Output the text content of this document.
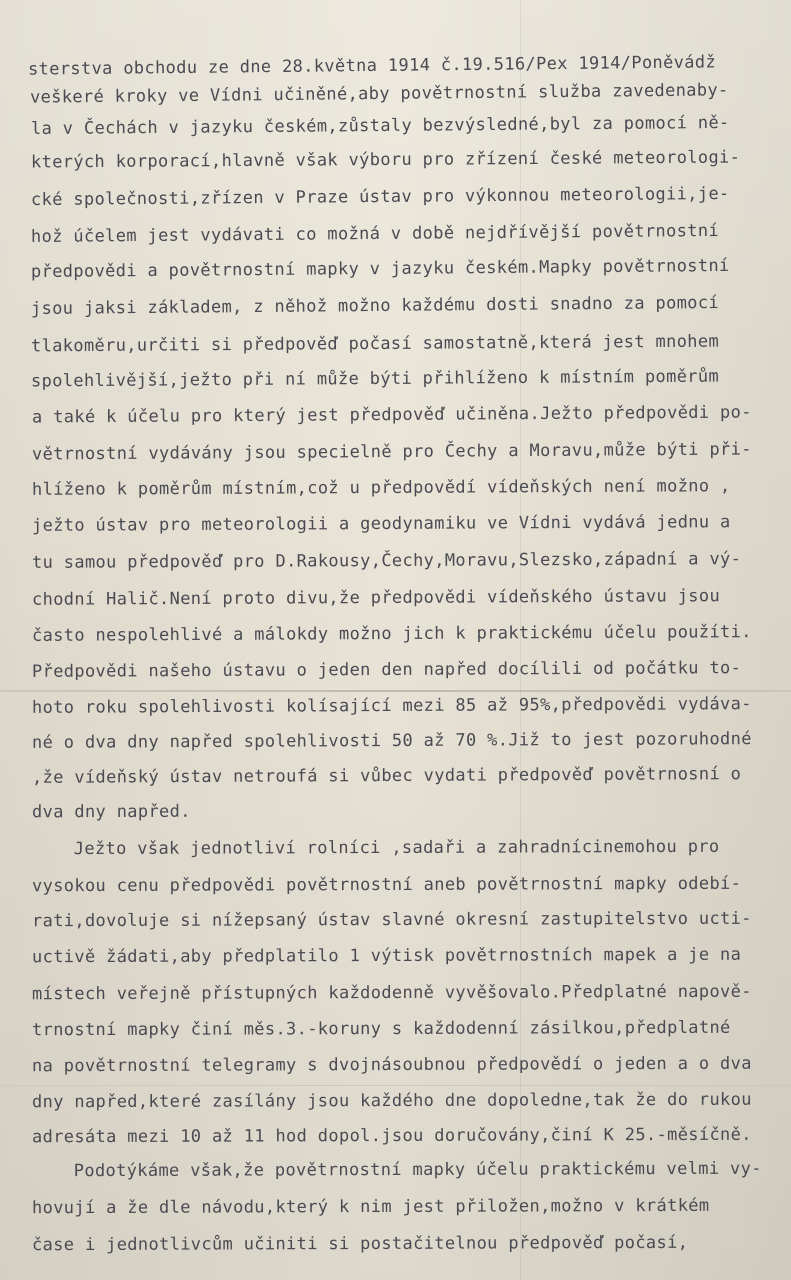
sterstva obchodu ze dne 28.května 1914 č.19.516/Pex 1914/Poněvádž
veškeré kroky ve Vídni učiněné,aby povětrnostní služba zavedenaby-
la v Čechách v jazyku českém,zůstaly bezvýsledné,byl za pomocí ně-
kterých korporací,hlavně však výboru pro zřízení české meteorologi-
cké společnosti,zřízen v Praze ústav pro výkonnou meteorologii,je-
hož účelem jest vydávati co možná v době nejdřívější povětrnostní
předpovědi a povětrnostní mapky v jazyku českém.Mapky povětrnostní
jsou jaksi základem, z něhož možno každému dosti snadno za pomocí
tlakoměru,určiti si předpověď počasí samostatně,která jest mnohem
spolehlivější,ježto při ní může býti přihlíženo k místním poměrům
a také k účelu pro který jest předpověď učiněna.Ježto předpovědi po-
větrnostní vydávány jsou specielně pro Čechy a Moravu,může býti při-
hlíženo k poměrům místním,což u předpovědí vídeňských není možno ,
ježto ústav pro meteorologii a geodynamiku ve Vídni vydává jednu a
tu samou předpověď pro D.Rakousy,Čechy,Moravu,Slezsko,západní a vý-
chodní Halič.Není proto divu,že předpovědi vídeňského ústavu jsou
často nespolehlivé a málokdy možno jich k praktickému účelu použíti.
Předpovědi našeho ústavu o jeden den napřed docílili od počátku to-
hoto roku spolehlivosti kolísající mezi 85 až 95%,předpovědi vydáva-
né o dva dny napřed spolehlivosti 50 až 70 %.Již to jest pozoruhodné
,že vídeňský ústav netroufá si vůbec vydati předpověď povětrnosní o
dva dny napřed.
Ježto však jednotliví rolníci ,sadaři a zahradnícinemohou pro
vysokou cenu předpovědi povětrnostní aneb povětrnostní mapky odebí-
rati,dovoluje si nížepsaný ústav slavné okresní zastupitelstvo ucti-
uctivě žádati,aby předplatilo 1 výtisk povětrnostních mapek a je na
místech veřejně přístupných každodenně vyvěšovalo.Předplatné napově-
trnostní mapky činí měs.3.-koruny s každodenní zásilkou,předplatné
na povětrnostní telegramy s dvojnásoubnou předpovědí o jeden a o dva
dny napřed,které zasílány jsou každého dne dopoledne,tak že do rukou
adresáta mezi 10 až 11 hod dopol.jsou doručovány,činí K 25.-měsíčně.
Podotýkáme však,že povětrnostní mapky účelu praktickému velmi vy-
hovují a že dle návodu,který k nim jest přiložen,možno v krátkém
čase i jednotlivcům učiniti si postačitelnou předpověď počasí,
